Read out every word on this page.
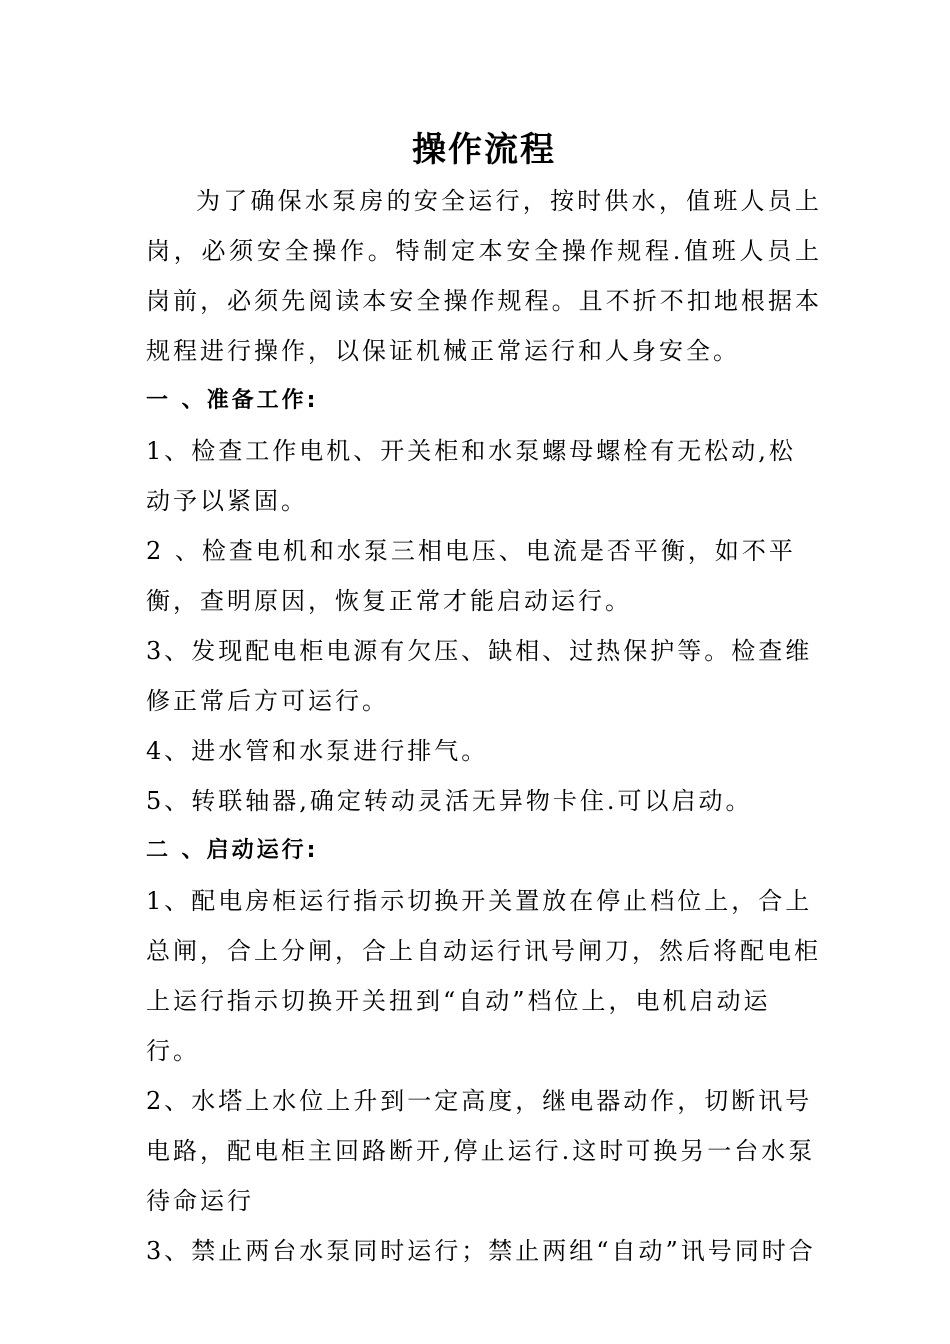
操作流程

为了确保水泵房的安全运行，按时供水，值班人员上岗，必须安全操作。特制定本安全操作规程.值班人员上岗前，必须先阅读本安全操作规程。且不折不扣地根据本规程进行操作，以保证机械正常运行和人身安全。

一 、准备工作:

1、检查工作电机、开关柜和水泵螺母螺栓有无松动,松动予以紧固。

2 、检查电机和水泵三相电压、电流是否平衡，如不平衡，查明原因，恢复正常才能启动运行。

3、发现配电柜电源有欠压、缺相、过热保护等。检查维修正常后方可运行。

4、进水管和水泵进行排气。

5、转联轴器,确定转动灵活无异物卡住.可以启动。

二 、启动运行:

1、配电房柜运行指示切换开关置放在停止档位上，合上总闸，合上分闸，合上自动运行讯号闸刀，然后将配电柜上运行指示切换开关扭到“自动”档位上，电机启动运行。

2、水塔上水位上升到一定高度，继电器动作，切断讯号电路，配电柜主回路断开,停止运行.这时可换另一台水泵待命运行

3、禁止两台水泵同时运行；禁止两组“自动”讯号同时合
